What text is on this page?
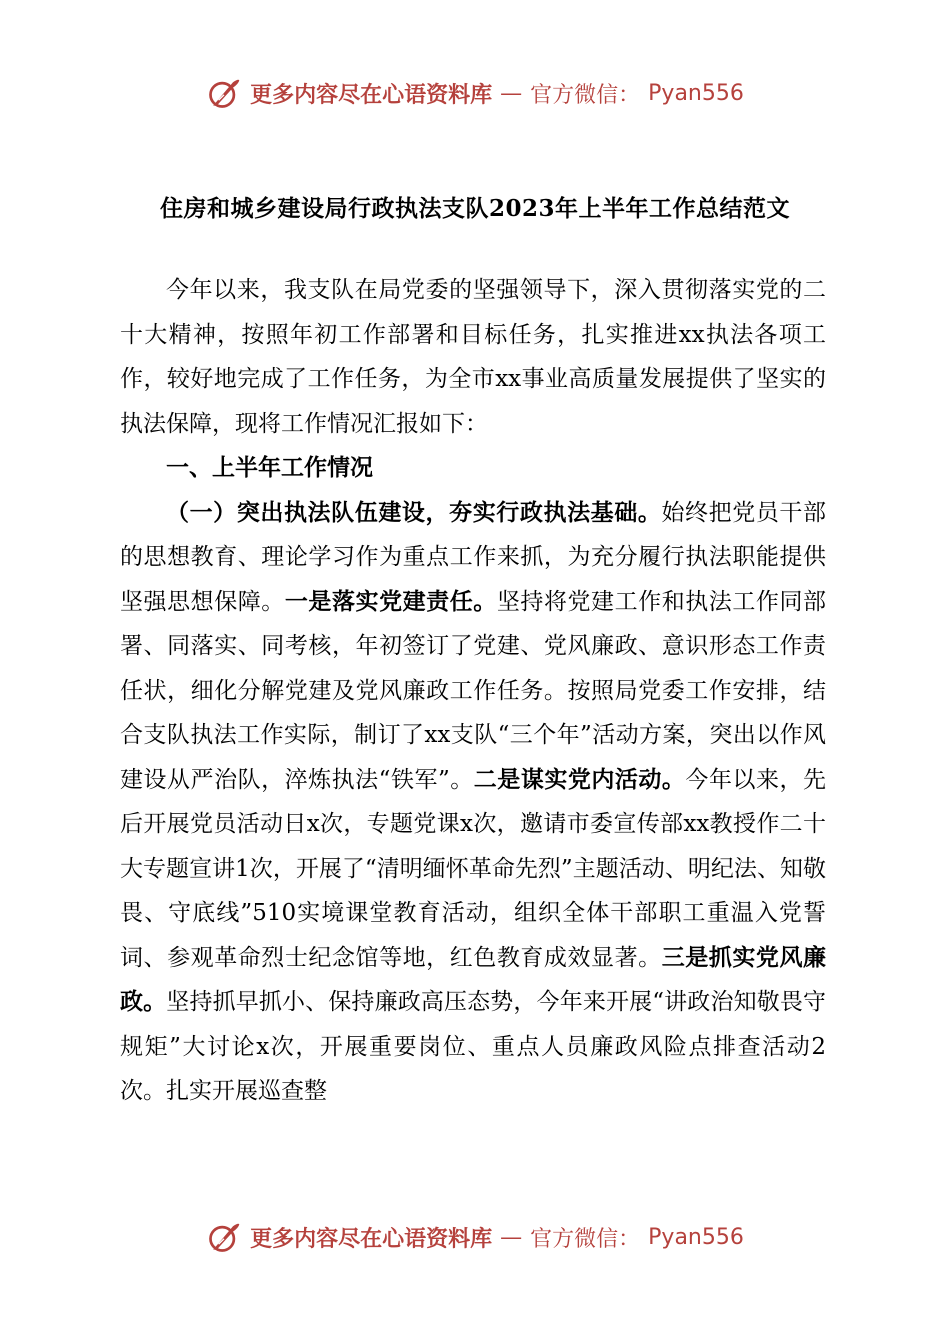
更多内容尽在心语资料库 — 官方微信： Pyan556
住房和城乡建设局行政执法支队2023年上半年工作总结范文

今年以来，我支队在局党委的坚强领导下，深入贯彻落实党的二十大精神，按照年初工作部署和目标任务，扎实推进xx执法各项工作，较好地完成了工作任务，为全市xx事业高质量发展提供了坚实的执法保障，现将工作情况汇报如下：

一、上半年工作情况

（一）突出执法队伍建设，夯实行政执法基础。始终把党员干部的思想教育、理论学习作为重点工作来抓，为充分履行执法职能提供坚强思想保障。一是落实党建责任。坚持将党建工作和执法工作同部署、同落实、同考核，年初签订了党建、党风廉政、意识形态工作责任状，细化分解党建及党风廉政工作任务。按照局党委工作安排，结合支队执法工作实际，制订了xx支队“三个年”活动方案，突出以作风建设从严治队，淬炼执法“铁军”。二是谋实党内活动。今年以来，先后开展党员活动日x次，专题党课x次，邀请市委宣传部xx教授作二十大专题宣讲1次，开展了“清明缅怀革命先烈”主题活动、明纪法、知敬畏、守底线”510实境课堂教育活动，组织全体干部职工重温入党誓词、参观革命烈士纪念馆等地，红色教育成效显著。三是抓实党风廉政。坚持抓早抓小、保持廉政高压态势，今年来开展“讲政治知敬畏守规矩”大讨论x次，开展重要岗位、重点人员廉政风险点排查活动2次。扎实开展巡查整

更多内容尽在心语资料库 — 官方微信： Pyan556
